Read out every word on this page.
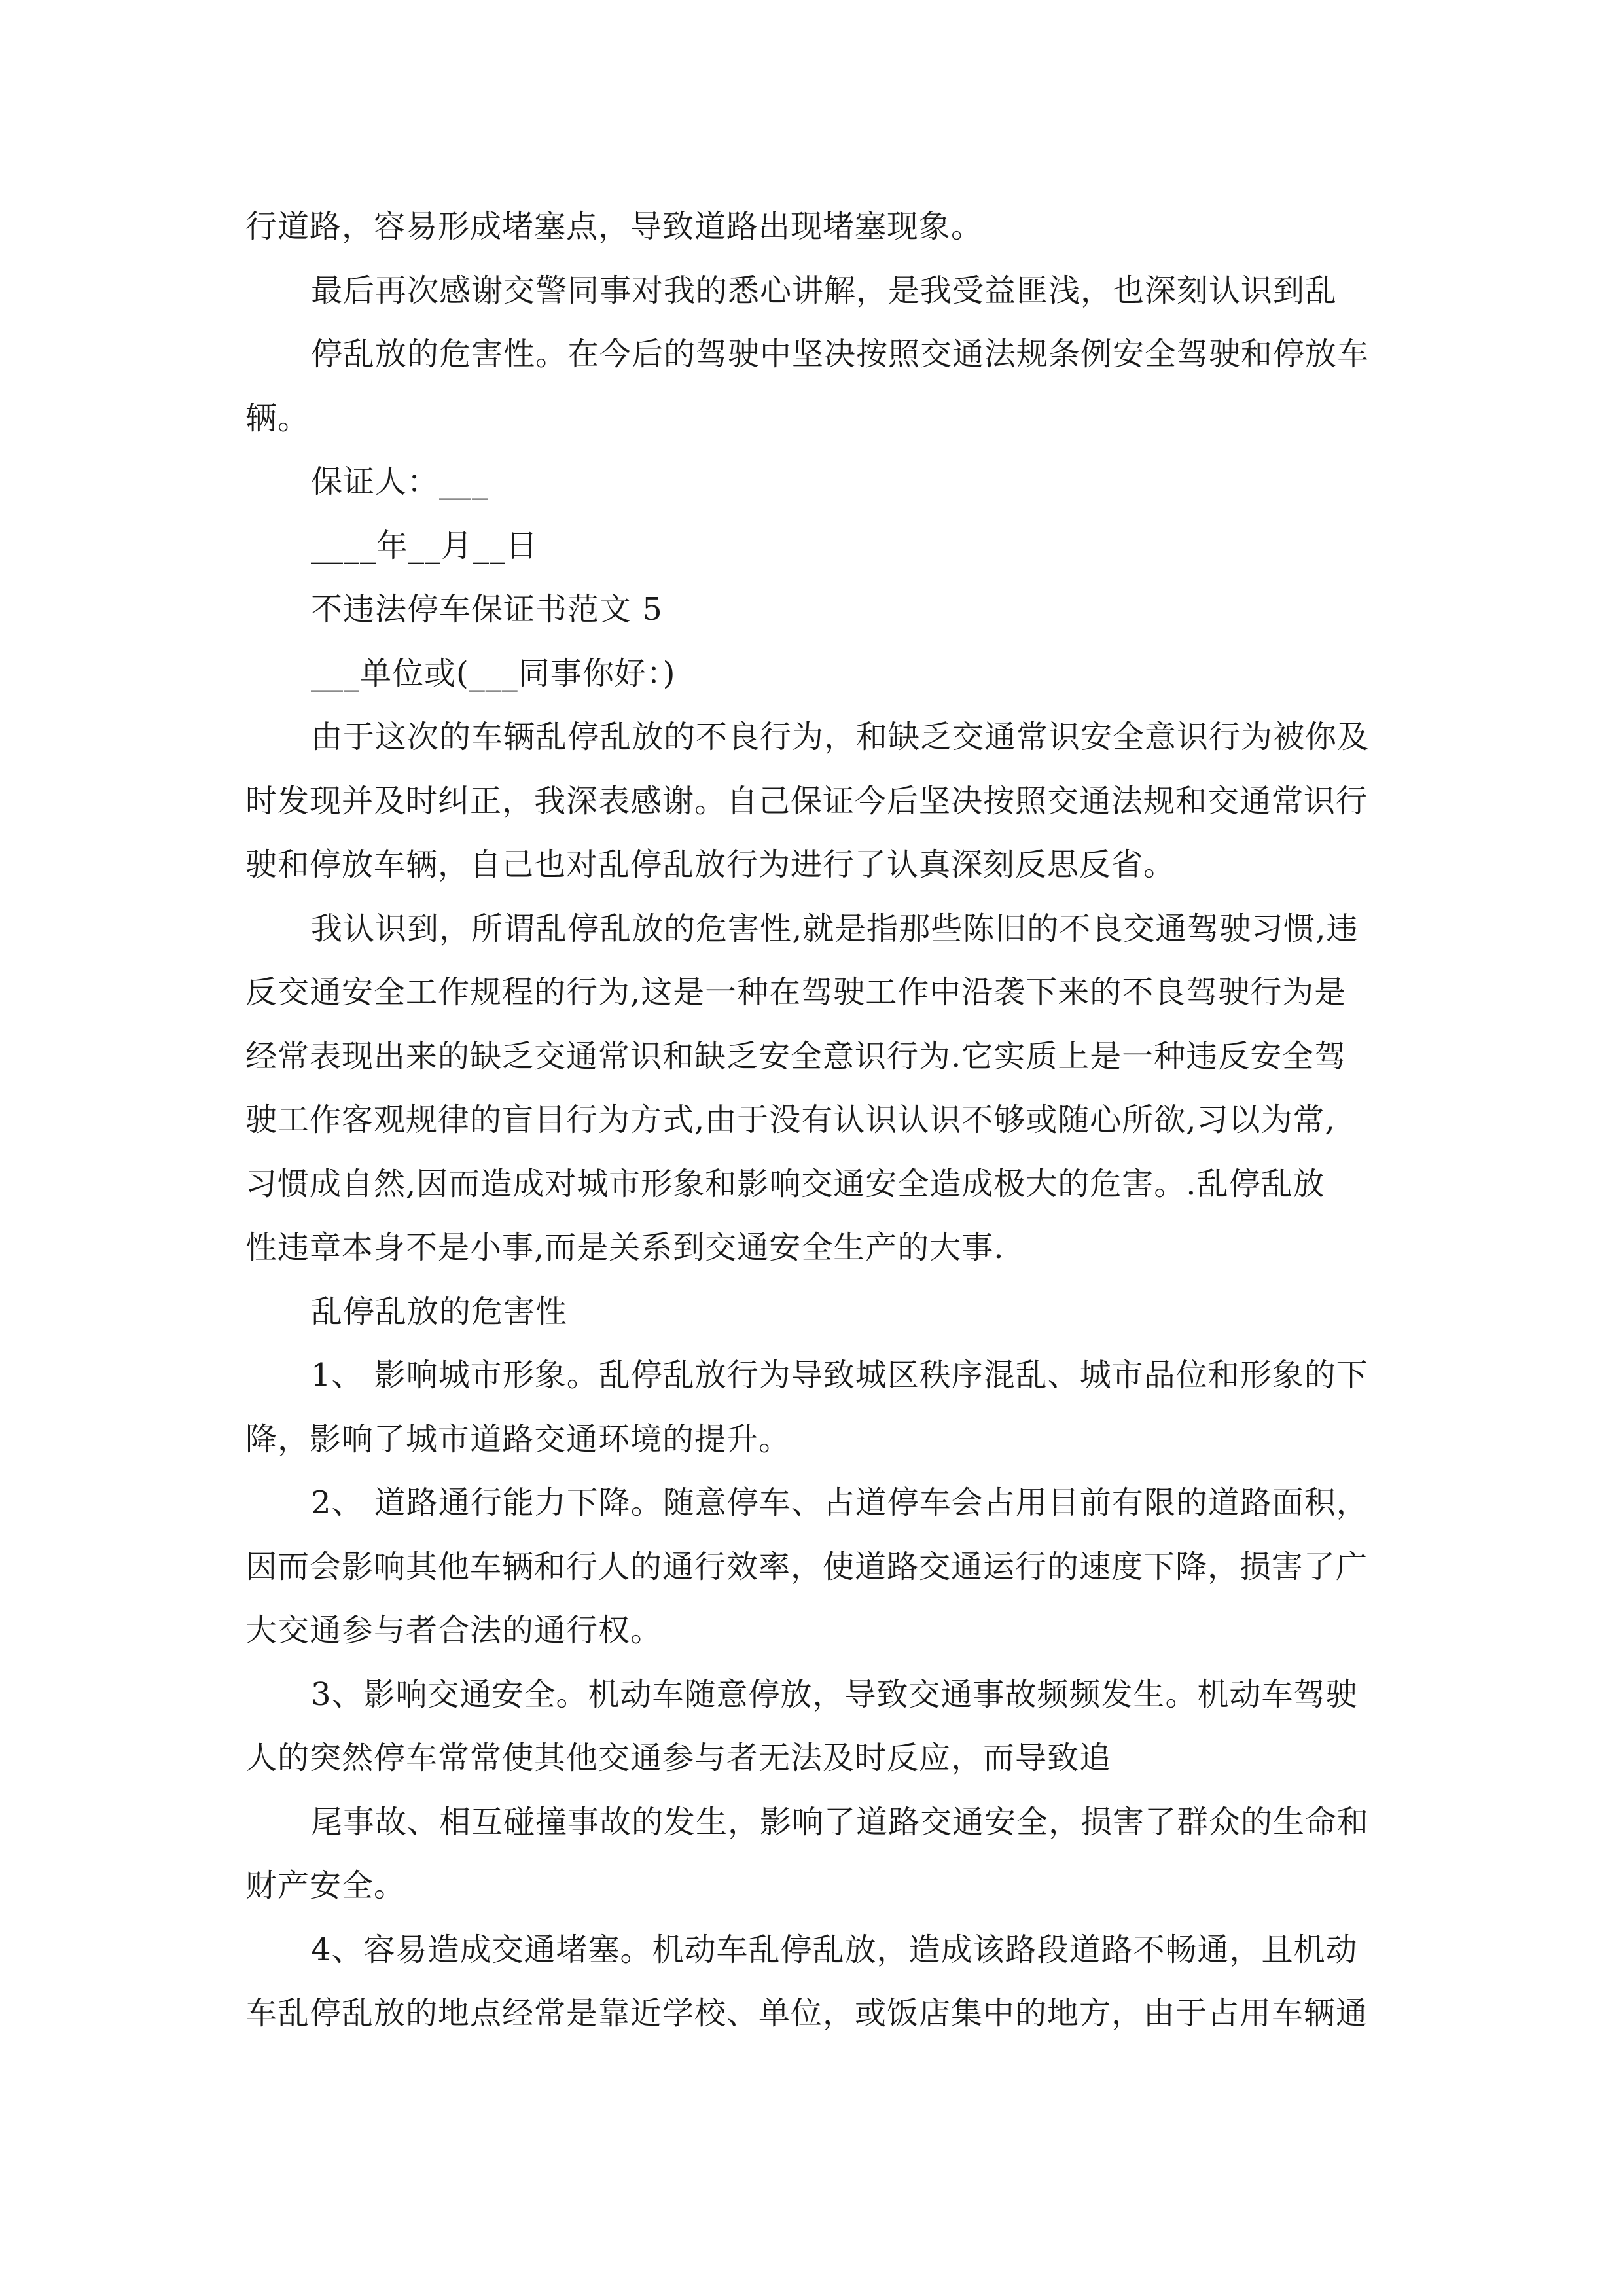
行道路，容易形成堵塞点，导致道路出现堵塞现象。

最后再次感谢交警同事对我的悉心讲解，是我受益匪浅，也深刻认识到乱

停乱放的危害性。在今后的驾驶中坚决按照交通法规条例安全驾驶和停放车

辆。

保证人：___

____年__月__日

不违法停车保证书范文 5

___单位或(___同事你好：)

由于这次的车辆乱停乱放的不良行为，和缺乏交通常识安全意识行为被你及

时发现并及时纠正，我深表感谢。自己保证今后坚决按照交通法规和交通常识行

驶和停放车辆，自己也对乱停乱放行为进行了认真深刻反思反省。

我认识到，所谓乱停乱放的危害性,就是指那些陈旧的不良交通驾驶习惯,违

反交通安全工作规程的行为,这是一种在驾驶工作中沿袭下来的不良驾驶行为是

经常表现出来的缺乏交通常识和缺乏安全意识行为.它实质上是一种违反安全驾

驶工作客观规律的盲目行为方式,由于没有认识认识不够或随心所欲,习以为常,

习惯成自然,因而造成对城市形象和影响交通安全造成极大的危害。.乱停乱放

性违章本身不是小事,而是关系到交通安全生产的大事.

乱停乱放的危害性

1、 影响城市形象。乱停乱放行为导致城区秩序混乱、城市品位和形象的下

降，影响了城市道路交通环境的提升。

2、 道路通行能力下降。随意停车、占道停车会占用目前有限的道路面积，

因而会影响其他车辆和行人的通行效率，使道路交通运行的速度下降，损害了广

大交通参与者合法的通行权。

3、影响交通安全。机动车随意停放，导致交通事故频频发生。机动车驾驶

人的突然停车常常使其他交通参与者无法及时反应，而导致追

尾事故、相互碰撞事故的发生，影响了道路交通安全，损害了群众的生命和

财产安全。

4、容易造成交通堵塞。机动车乱停乱放，造成该路段道路不畅通，且机动

车乱停乱放的地点经常是靠近学校、单位，或饭店集中的地方，由于占用车辆通
